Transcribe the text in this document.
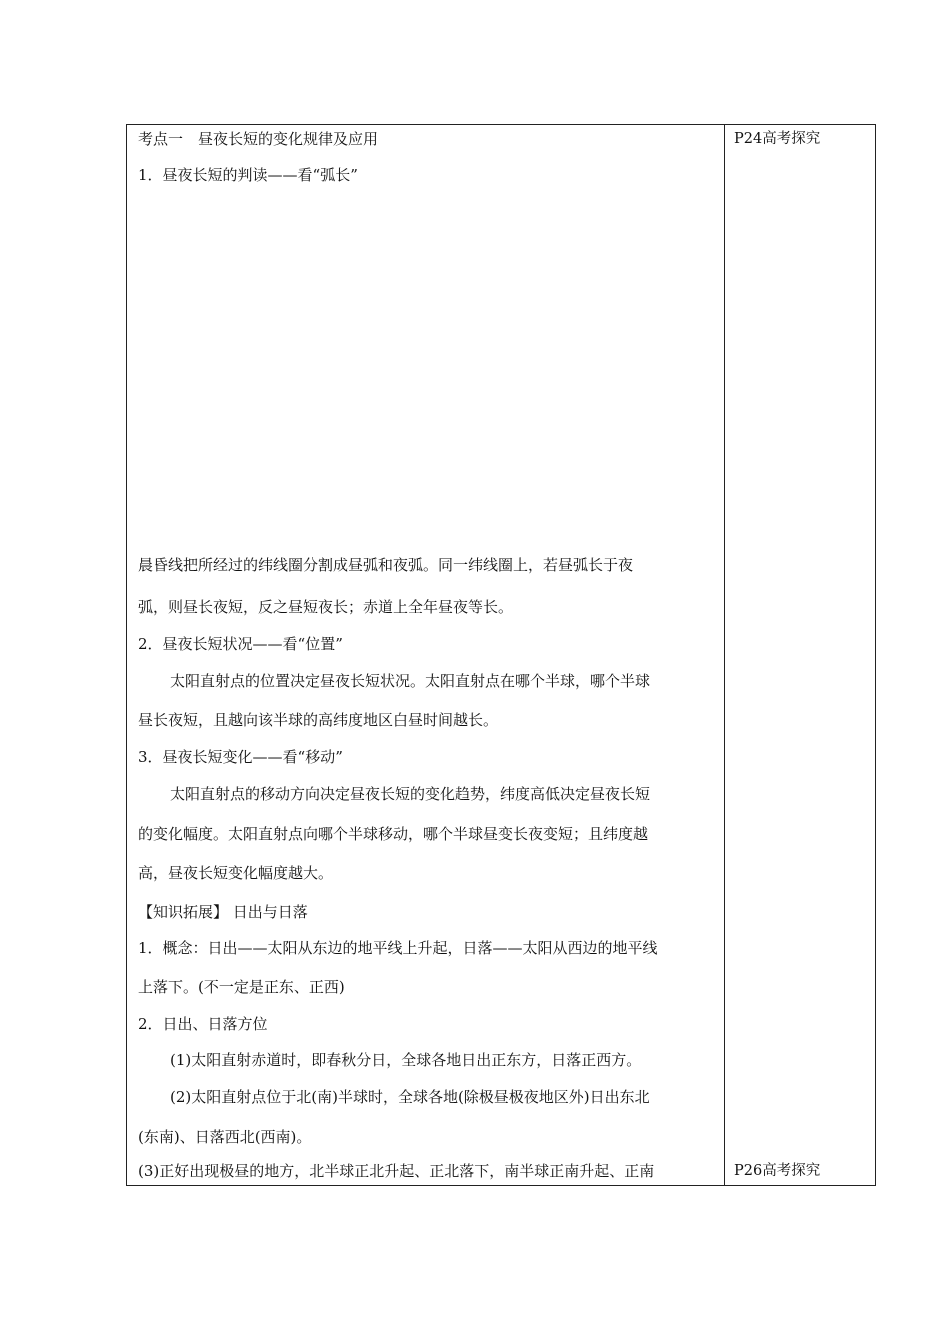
P24高考探究
P26高考探究
考点一　昼夜长短的变化规律及应用
1．昼夜长短的判读——看“弧长”
晨昏线把所经过的纬线圈分割成昼弧和夜弧。同一纬线圈上，若昼弧长于夜
弧，则昼长夜短，反之昼短夜长；赤道上全年昼夜等长。
2．昼夜长短状况——看“位置”
太阳直射点的位置决定昼夜长短状况。太阳直射点在哪个半球，哪个半球
昼长夜短，且越向该半球的高纬度地区白昼时间越长。
3．昼夜长短变化——看“移动”
太阳直射点的移动方向决定昼夜长短的变化趋势，纬度高低决定昼夜长短
的变化幅度。太阳直射点向哪个半球移动，哪个半球昼变长夜变短；且纬度越
高，昼夜长短变化幅度越大。
【知识拓展】 日出与日落
1．概念：日出——太阳从东边的地平线上升起，日落——太阳从西边的地平线
上落下。(不一定是正东、正西)
2．日出、日落方位
(1)太阳直射赤道时，即春秋分日，全球各地日出正东方，日落正西方。
(2)太阳直射点位于北(南)半球时，全球各地(除极昼极夜地区外)日出东北
(东南)、日落西北(西南)。
(3)正好出现极昼的地方，北半球正北升起、正北落下，南半球正南升起、正南
